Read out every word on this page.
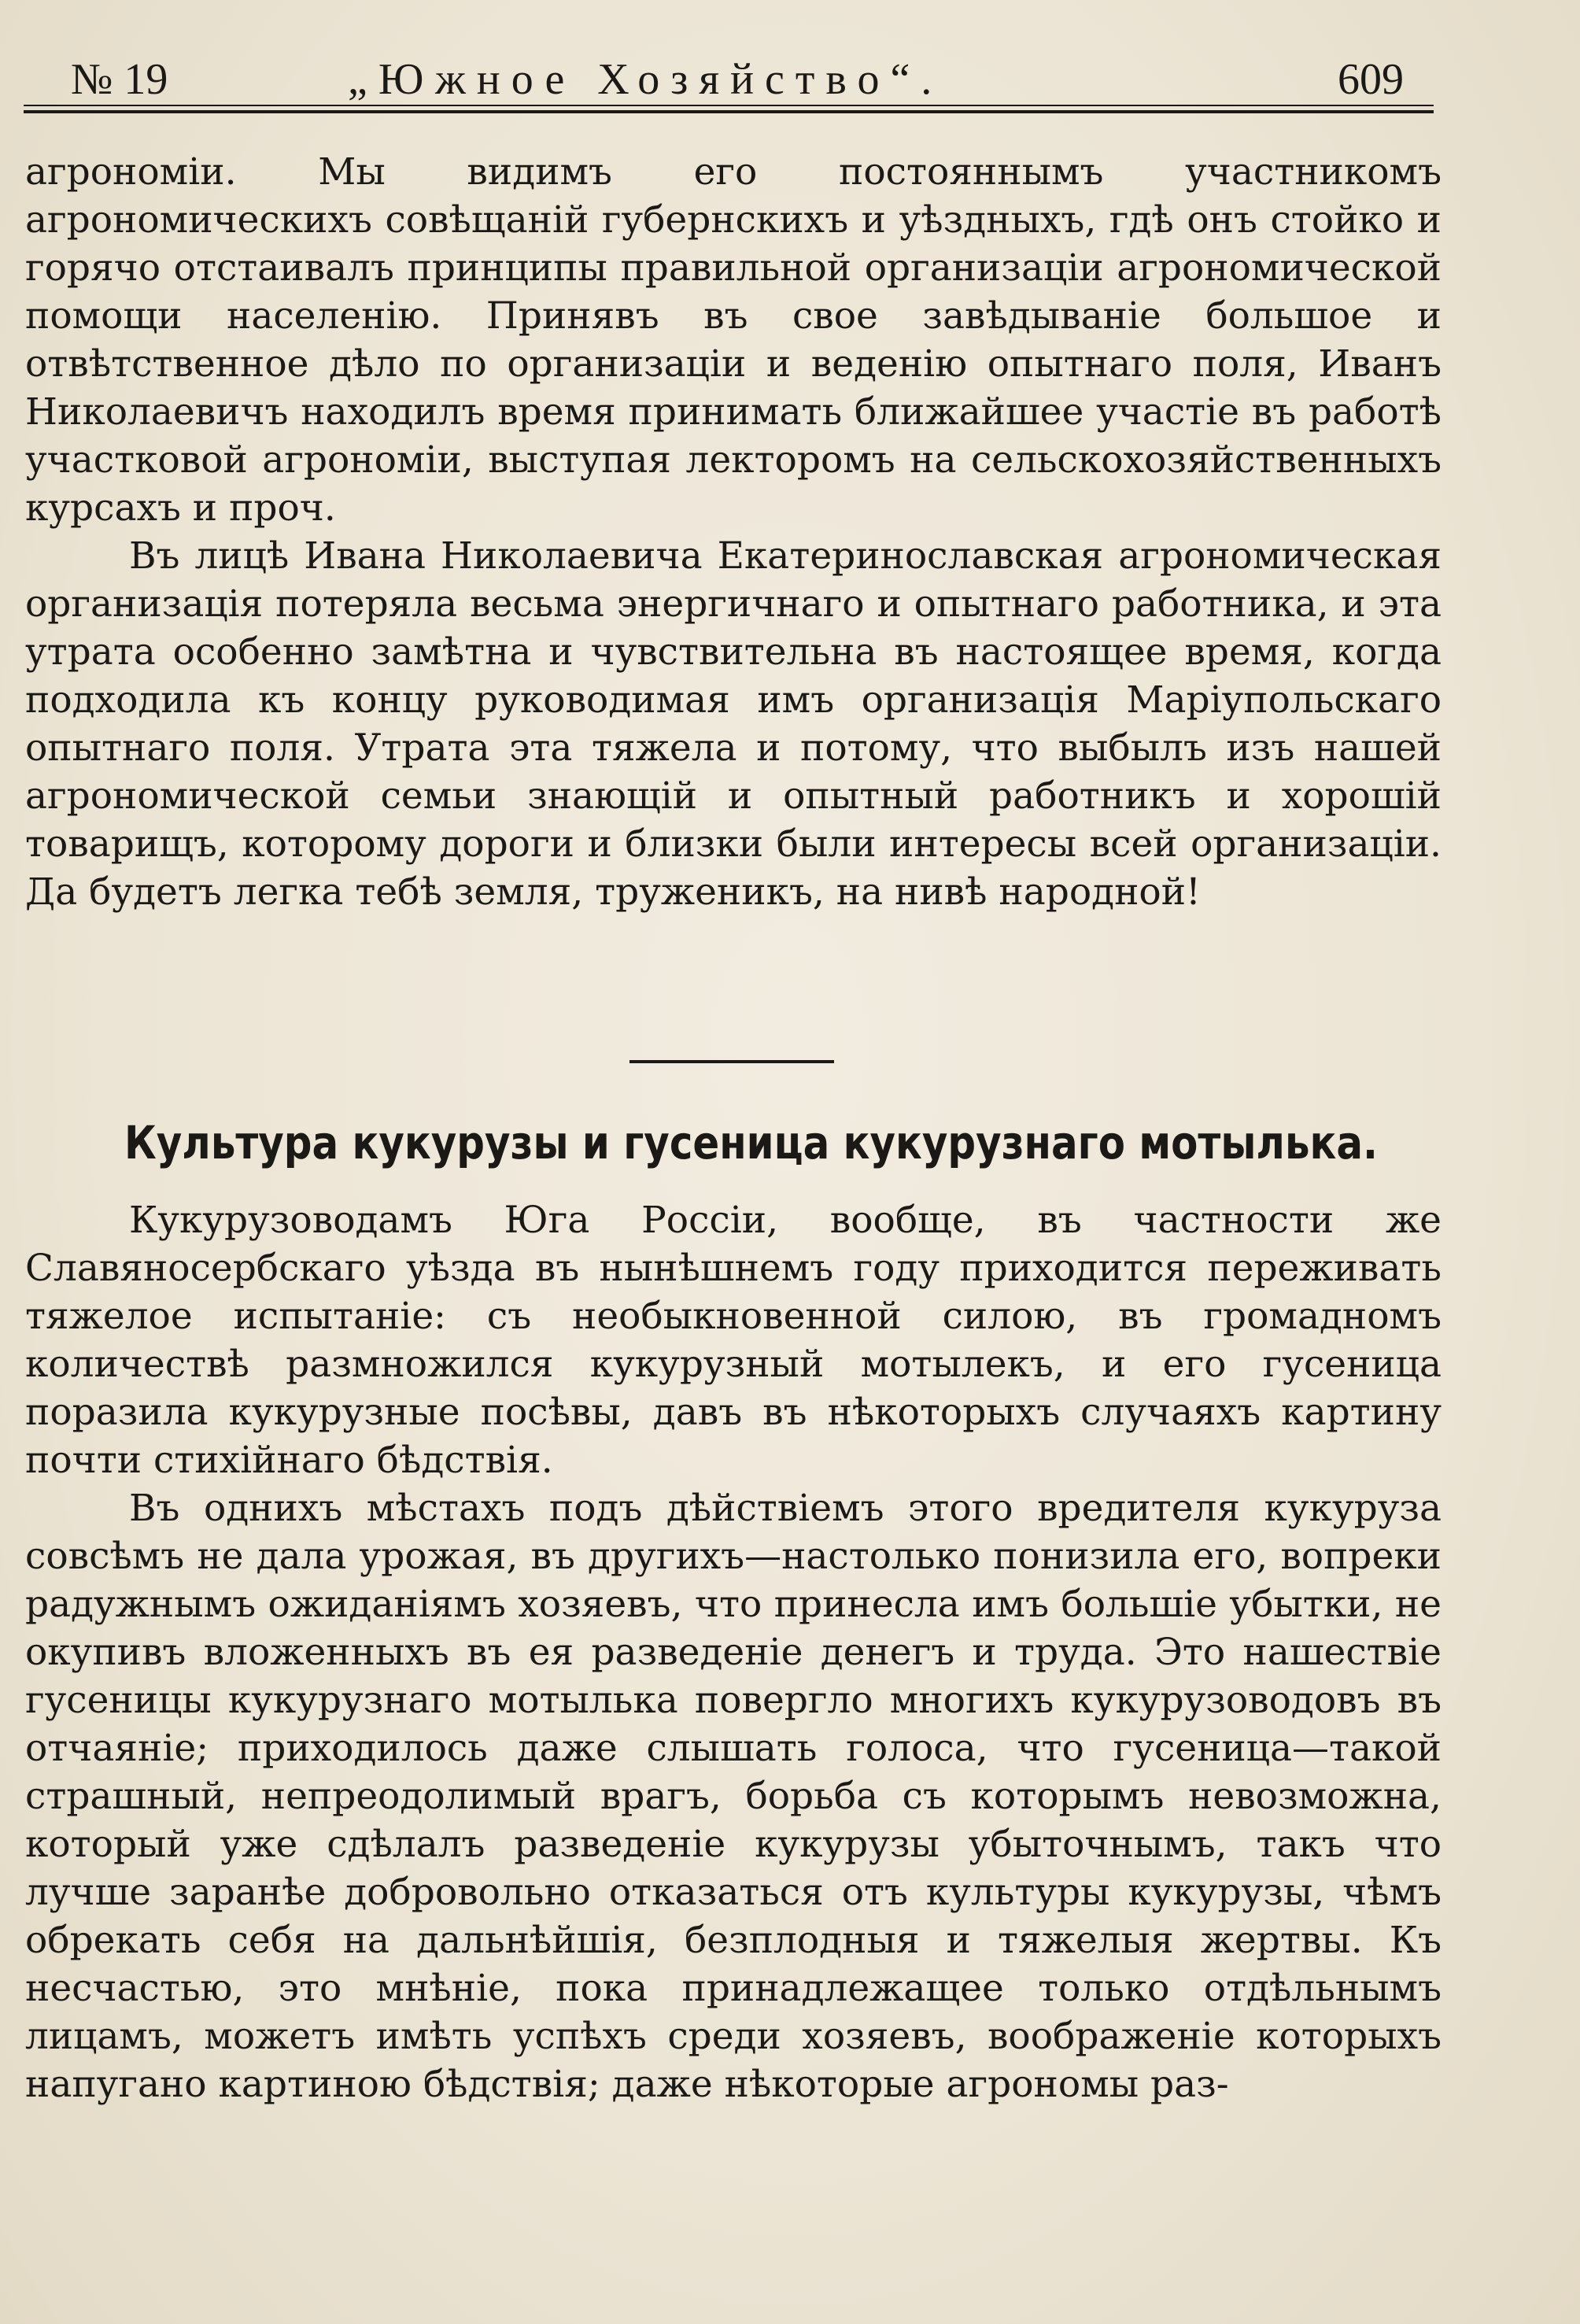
№ 19	„Южное Хозяйство“.	609

агрономіи. Мы видимъ его постояннымъ участникомъ агрономическихъ совѣщаній губернскихъ и уѣздныхъ, гдѣ онъ стойко и горячо отстаивалъ принципы правильной организаціи агрономической помощи населенію. Принявъ въ свое завѣдываніе большое и отвѣтственное дѣло по организаціи и веденію опытнаго поля, Иванъ Николаевичъ находилъ время принимать ближайшее участіе въ работѣ участковой агрономіи, выступая лекторомъ на сельскохозяйственныхъ курсахъ и проч.

Въ лицѣ Ивана Николаевича Екатеринославская агрономическая организація потеряла весьма энергичнаго и опытнаго работника, и эта утрата особенно замѣтна и чувствительна въ настоящее время, когда подходила къ концу руководимая имъ организація Маріупольскаго опытнаго поля. Утрата эта тяжела и потому, что выбылъ изъ нашей агрономической семьи знающій и опытный работникъ и хорошій товарищъ, которому дороги и близки были интересы всей организаціи. Да будетъ легка тебѣ земля, труженикъ, на нивѣ народной!

Культура кукурузы и гусеница кукурузнаго мотылька.

Кукурузоводамъ Юга Россіи, вообще, въ частности же Славяносербскаго уѣзда въ нынѣшнемъ году приходится переживать тяжелое испытаніе: съ необыкновенной силою, въ громадномъ количествѣ размножился кукурузный мотылекъ, и его гусеница поразила кукурузные посѣвы, давъ въ нѣкоторыхъ случаяхъ картину почти стихійнаго бѣдствія.

Въ однихъ мѣстахъ подъ дѣйствіемъ этого вредителя кукуруза совсѣмъ не дала урожая, въ другихъ—настолько понизила его, вопреки радужнымъ ожиданіямъ хозяевъ, что принесла имъ большіе убытки, не окупивъ вложенныхъ въ ея разведеніе денегъ и труда. Это нашествіе гусеницы кукурузнаго мотылька повергло многихъ кукурузоводовъ въ отчаяніе; приходилось даже слышать голоса, что гусеница—такой страшный, непреодолимый врагъ, борьба съ которымъ невозможна, который уже сдѣлалъ разведеніе кукурузы убыточнымъ, такъ что лучше заранѣе добровольно отказаться отъ культуры кукурузы, чѣмъ обрекать себя на дальнѣйшія, безплодныя и тяжелыя жертвы. Къ несчастью, это мнѣніе, пока принадлежащее только отдѣльнымъ лицамъ, можетъ имѣть успѣхъ среди хозяевъ, воображеніе которыхъ напугано картиною бѣдствія; даже нѣкоторые агрономы раз-
